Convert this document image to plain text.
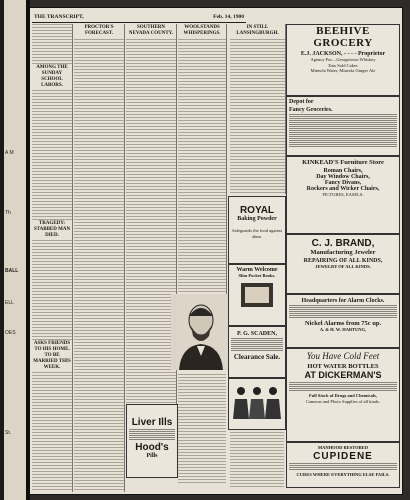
A M
Th
BALL
ELL
OES
St.
THE TRANSCRIPT,	Feb. 14, 1900
AMONG THE SUNDAY SCHOOL LABORS.
TRAGEDY: STABBED MAN DIED.
ASKS FRIENDS TO HIS HOME. TO BE MARRIED THIS WEEK.
PROCTOR'S FORECAST.
SOUTHERN NEVADA COUNTY.
Liver Ills
Hood's
Pills
WOOLSTANDS WHISPERINGS.
IN STILL LANSINGBURGH.
ROYAL
Baking Powder
Safeguards the food against alum.
Warm Welcome
Slim Pocket Books.
P. G. SCADEN,
Clearance Sale.
BEEHIVE
GROCERY
E.J. JACKSON, - - - - Proprietor
Agency For—Georgetown Whiskey
Eats Sold Cakes
Mineola Water, Mineola Ginger Ale
Depot for
Fancy Groceries.
KINKEAD'S Furniture Store
Roman Chairs,
Day Window Chairs,
Fancy Divans,
Rockers and Wicker Chairs,
PICTURES, EASELS.
C. J. BRAND,
Manufacturing Jeweler
REPAIRING OF ALL KINDS,
JEWELRY OF ALL KINDS.
Headquarters for Alarm Clocks.
Nickel Alarms from 75c up.
A. & H. W. HARTUNG,
You Have Cold Feet
HOT WATER BOTTLES
AT DICKERMAN'S
Full Stock of Drugs and Chemicals,
Cameras and Photo Supplies of all kinds.
MANHOOD RESTORED
CUPIDENE
CURES WHERE EVERYTHING ELSE FAILS.
